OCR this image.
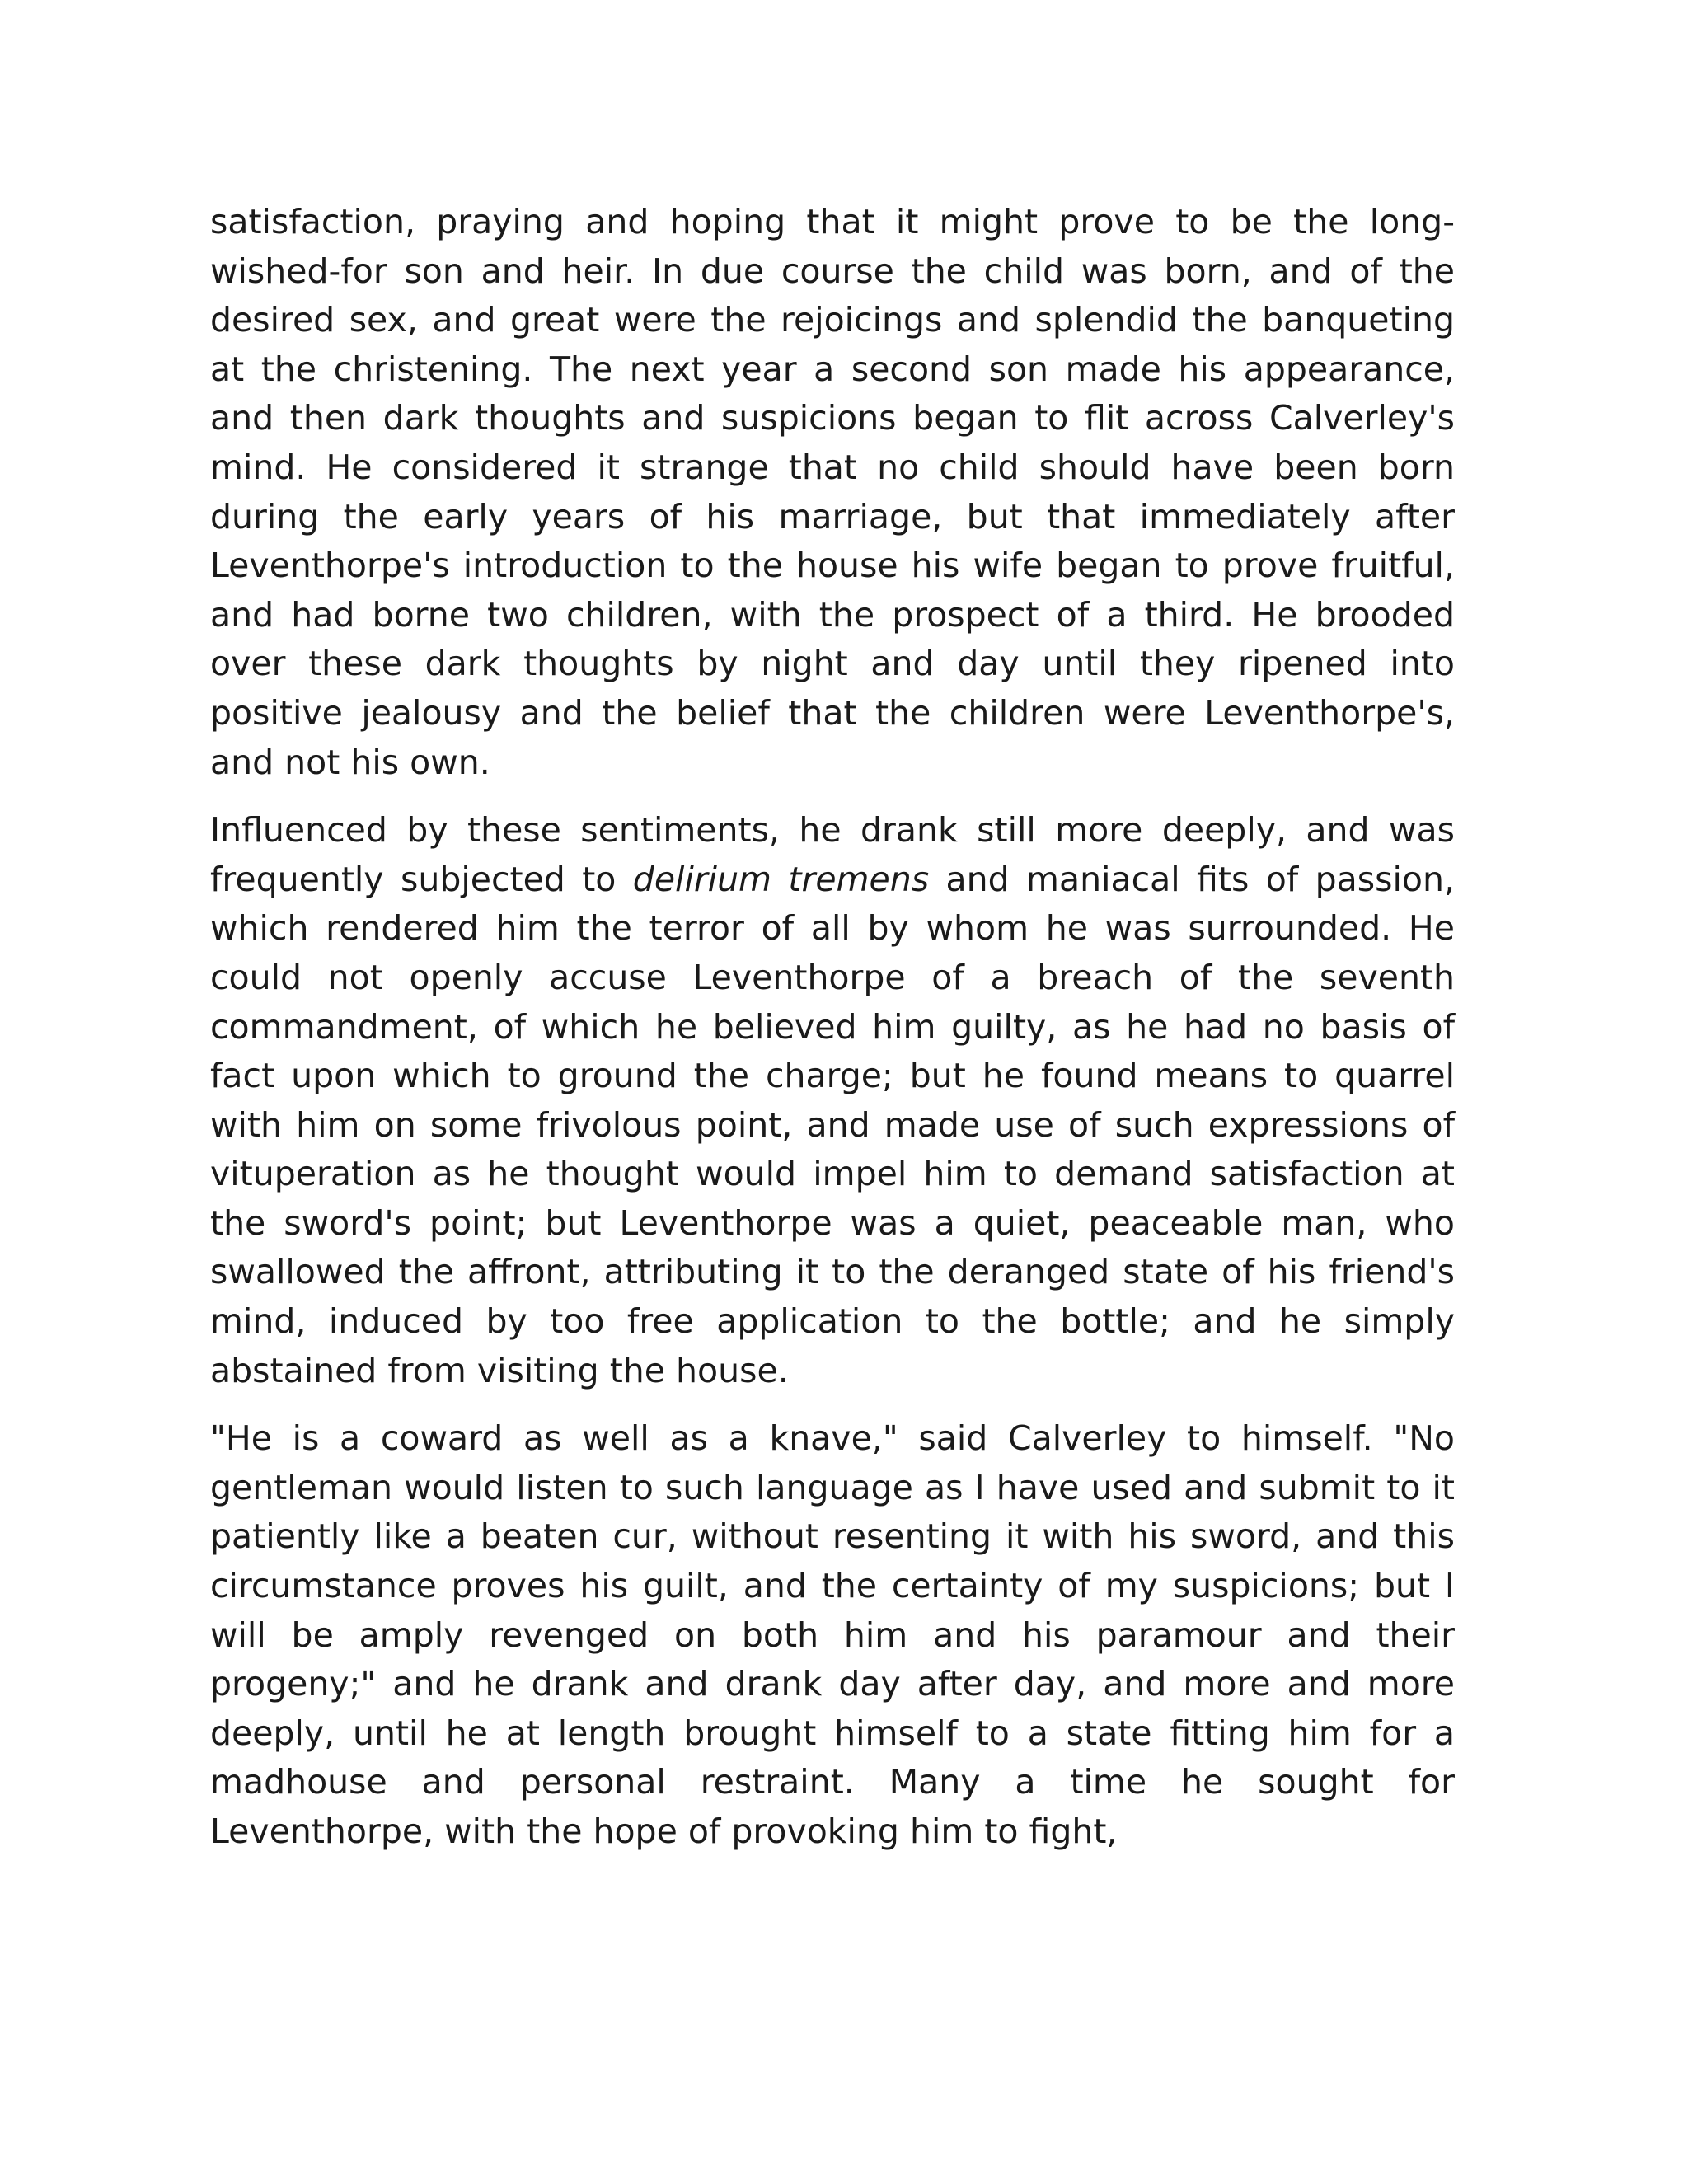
satisfaction, praying and hoping that it might prove to be the long-wished-for son and heir. In due course the child was born, and of the desired sex, and great were the rejoicings and splendid the banqueting at the christening. The next year a second son made his appearance, and then dark thoughts and suspicions began to flit across Calverley's mind. He considered it strange that no child should have been born during the early years of his marriage, but that immediately after Leventhorpe's introduction to the house his wife began to prove fruitful, and had borne two children, with the prospect of a third. He brooded over these dark thoughts by night and day until they ripened into positive jealousy and the belief that the children were Leventhorpe's, and not his own.

Influenced by these sentiments, he drank still more deeply, and was frequently subjected to delirium tremens and maniacal fits of passion, which rendered him the terror of all by whom he was surrounded. He could not openly accuse Leventhorpe of a breach of the seventh commandment, of which he believed him guilty, as he had no basis of fact upon which to ground the charge; but he found means to quarrel with him on some frivolous point, and made use of such expressions of vituperation as he thought would impel him to demand satisfaction at the sword's point; but Leventhorpe was a quiet, peaceable man, who swallowed the affront, attributing it to the deranged state of his friend's mind, induced by too free application to the bottle; and he simply abstained from visiting the house.

"He is a coward as well as a knave," said Calverley to himself. "No gentleman would listen to such language as I have used and submit to it patiently like a beaten cur, without resenting it with his sword, and this circumstance proves his guilt, and the certainty of my suspicions; but I will be amply revenged on both him and his paramour and their progeny;" and he drank and drank day after day, and more and more deeply, until he at length brought himself to a state fitting him for a madhouse and personal restraint. Many a time he sought for Leventhorpe, with the hope of provoking him to fight,
